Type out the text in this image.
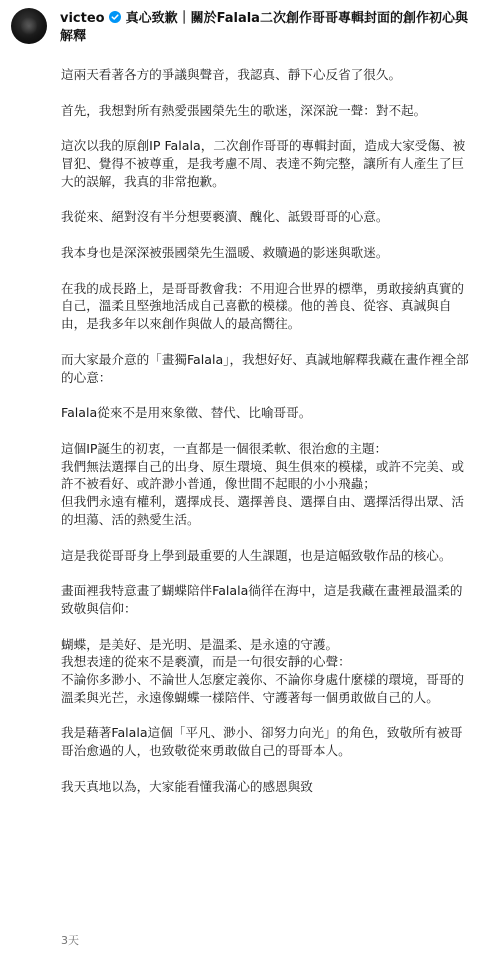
victeo 真心致歉｜關於Falala二次創作哥哥專輯封面的創作初心與解釋

這兩天看著各方的爭議與聲音，我認真、靜下心反省了很久。

首先，我想對所有熱愛張國榮先生的歌迷，深深說一聲：對不起。

這次以我的原創IP Falala，二次創作哥哥的專輯封面，造成大家受傷、被冒犯、覺得不被尊重，是我考慮不周、表達不夠完整，讓所有人產生了巨大的誤解，我真的非常抱歉。

我從來、絕對沒有半分想要褻瀆、醜化、詆毀哥哥的心意。

我本身也是深深被張國榮先生溫暖、救贖過的影迷與歌迷。

在我的成長路上，是哥哥教會我：不用迎合世界的標準，勇敢接納真實的自己，溫柔且堅強地活成自己喜歡的模樣。他的善良、從容、真誠與自由，是我多年以來創作與做人的最高嚮往。

而大家最介意的「畫獨Falala」，我想好好、真誠地解釋我藏在畫作裡全部的心意：

Falala從來不是用來象徵、替代、比喻哥哥。

這個IP誕生的初衷，一直都是一個很柔軟、很治愈的主題：
我們無法選擇自己的出身、原生環境、與生俱來的模樣，或許不完美、或許不被看好、或許渺小普通，像世間不起眼的小小飛蟲；
但我們永遠有權利，選擇成長、選擇善良、選擇自由、選擇活得出眾、活的坦蕩、活的熱愛生活。

這是我從哥哥身上學到最重要的人生課題，也是這幅致敬作品的核心。

畫面裡我特意畫了蝴蝶陪伴Falala徜徉在海中，這是我藏在畫裡最溫柔的致敬與信仰：

蝴蝶，是美好、是光明、是溫柔、是永遠的守護。
我想表達的從來不是褻瀆，而是一句很安靜的心聲：
不論你多渺小、不論世人怎麼定義你、不論你身處什麼樣的環境，哥哥的溫柔與光芒，永遠像蝴蝶一樣陪伴、守護著每一個勇敢做自己的人。

我是藉著Falala這個「平凡、渺小、卻努力向光」的角色，致敬所有被哥哥治愈過的人，也致敬從來勇敢做自己的哥哥本人。

我天真地以為，大家能看懂我滿心的感恩與致

3天
